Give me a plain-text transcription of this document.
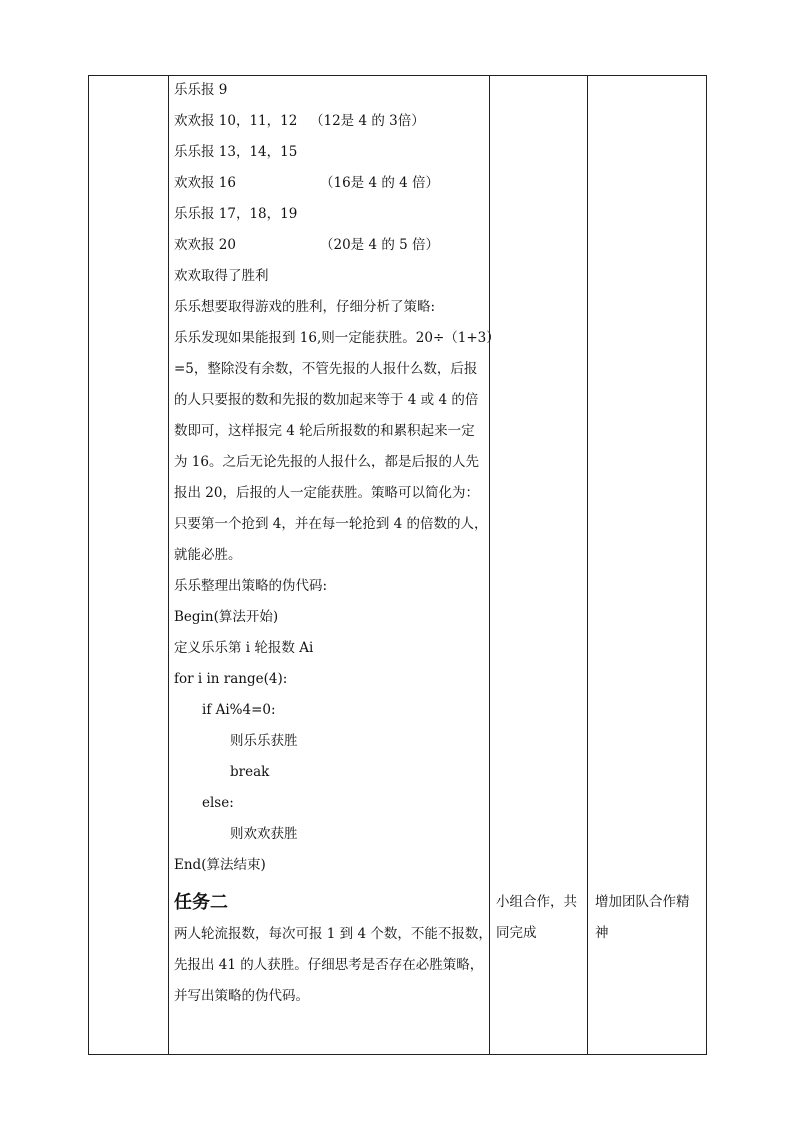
乐乐报 9
欢欢报 10，11，12 （12是 4 的 3倍）
乐乐报 13，14，15
欢欢报 16	（16是 4 的 4 倍）
乐乐报 17，18，19
欢欢报 20	（20是 4 的 5 倍）
欢欢取得了胜利
乐乐想要取得游戏的胜利，仔细分析了策略:
乐乐发现如果能报到 16,则一定能获胜。20÷（1+3）
=5，整除没有余数，不管先报的人报什么数，后报
的人只要报的数和先报的数加起来等于 4 或 4 的倍
数即可，这样报完 4 轮后所报数的和累积起来一定
为 16。之后无论先报的人报什么，都是后报的人先
报出 20，后报的人一定能获胜。策略可以简化为：
只要第一个抢到 4，并在每一轮抢到 4 的倍数的人，
就能必胜。
乐乐整理出策略的伪代码:
Begin(算法开始)
定义乐乐第 i 轮报数 Ai
for i in range(4):
if Ai%4=0:
则乐乐获胜
break
else:
则欢欢获胜
End(算法结束)
任务二
两人轮流报数，每次可报 1 到 4 个数，不能不报数，
先报出 41 的人获胜。仔细思考是否存在必胜策略，
并写出策略的伪代码。
小组合作，共
同完成
增加团队合作精
神
